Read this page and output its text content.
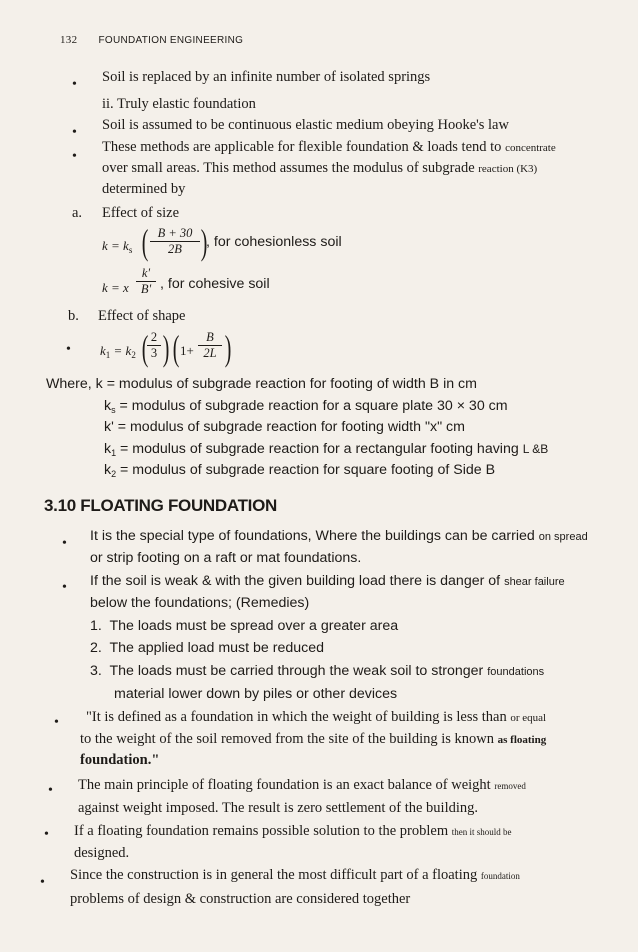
132 FOUNDATION ENGINEERING
• Soil is replaced by an infinite number of isolated springs
ii. Truly elastic foundation
• Soil is assumed to be continuous elastic medium obeying Hooke's law
•
These methods are applicable for flexible foundation & loads tend to concentrate
over small areas. This method assumes the modulus of subgrade reaction (K3)
determined by
a. Effect of size
$k = k_s$ ( $\frac{B + 30}{2B}$ )
, for cohesionless soil
k = x $\frac{k'}{B'}$ , for cohesive soil
b. Effect of shape
• $k_1 = k_2$ (
$\frac{2}{3}$ ) ( $1+ \frac{B}{2L}$ )
Where, k = modulus of subgrade reaction for footing of width B in cm
$k_s$ = modulus of subgrade reaction for a square plate 30 × 30 cm
k' = modulus of subgrade reaction for footing width "x" cm
$k_1$ = modulus of subgrade reaction for a rectangular footing having L &B
$k_2$ = modulus of subgrade reaction for square footing of Side B
3.10 FLOATING FOUNDATION
• It is the special type of foundations, Where the buildings can be carried on spread
or strip footing on a raft or mat foundations.
• If the soil is weak & with the given building load there is danger of shear failure
below the foundations; (Remedies)
1. The loads must be spread over a greater area
2. The applied load must be reduced
3. The loads must be carried through the weak soil to stronger foundations
material lower down by piles or other devices
• "It is defined as a foundation in which the weight of building is less than or equal
to the weight of the soil removed from the site of the building is known as floating
foundation."
• The main principle of floating foundation is an exact balance of weight removed
against weight imposed. The result is zero settlement of the building.
• If a floating foundation remains possible solution to the problem then it should be
designed.
• Since the construction is in general the most difficult part of a floating foundation
problems of design & construction are considered together
